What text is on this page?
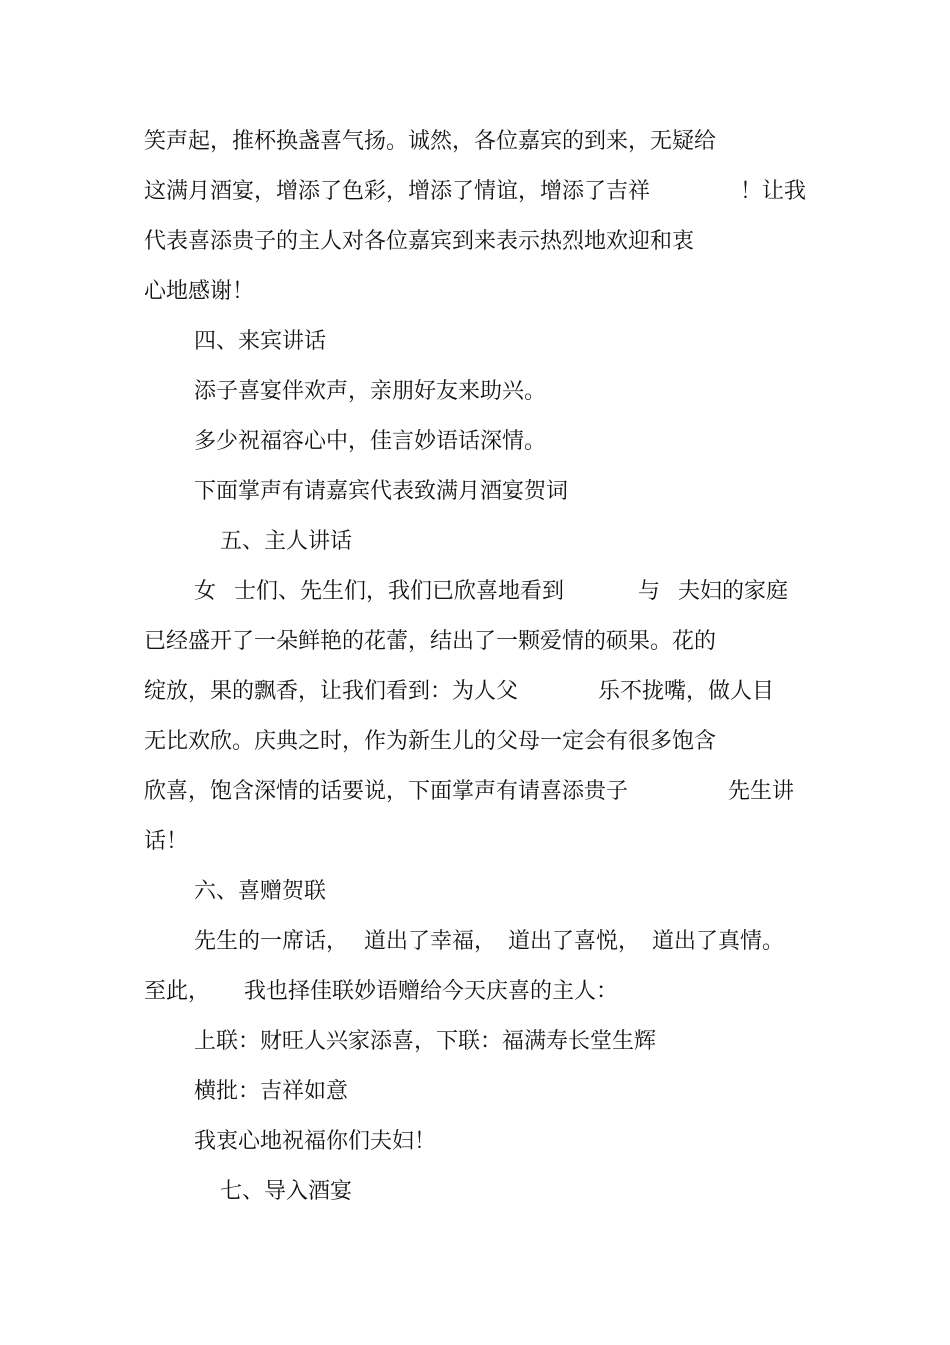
笑声起，推杯换盏喜气扬。诚然，各位嘉宾的到来，无疑给

这满月酒宴，增添了色彩，增添了情谊，增添了吉祥

	！让我

代表喜添贵子的主人对各位嘉宾到来表示热烈地欢迎和衷

心地感谢！

四、来宾讲话

添子喜宴伴欢声，亲朋好友来助兴。

多少祝福容心中，佳言妙语话深情。

下面掌声有请嘉宾代表致满月酒宴贺词

五、主人讲话

女

士们、先生们，我们已欣喜地看到

	与

夫妇的家庭

已经盛开了一朵鲜艳的花蕾，结出了一颗爱情的硕果。花的

绽放，果的飘香，让我们看到：为人父

	乐不拢嘴，做人目

无比欢欣。庆典之时，作为新生儿的父母一定会有很多饱含

欣喜，饱含深情的话要说，下面掌声有请喜添贵子

	先生讲

话！

六、喜赠贺联

先生的一席话，

道出了幸福，

道出了喜悦，

道出了真情。

至此，

我也择佳联妙语赠给今天庆喜的主人：

上联：财旺人兴家添喜，下联：福满寿长堂生辉

横批：吉祥如意

我衷心地祝福你们夫妇！

七、导入酒宴
